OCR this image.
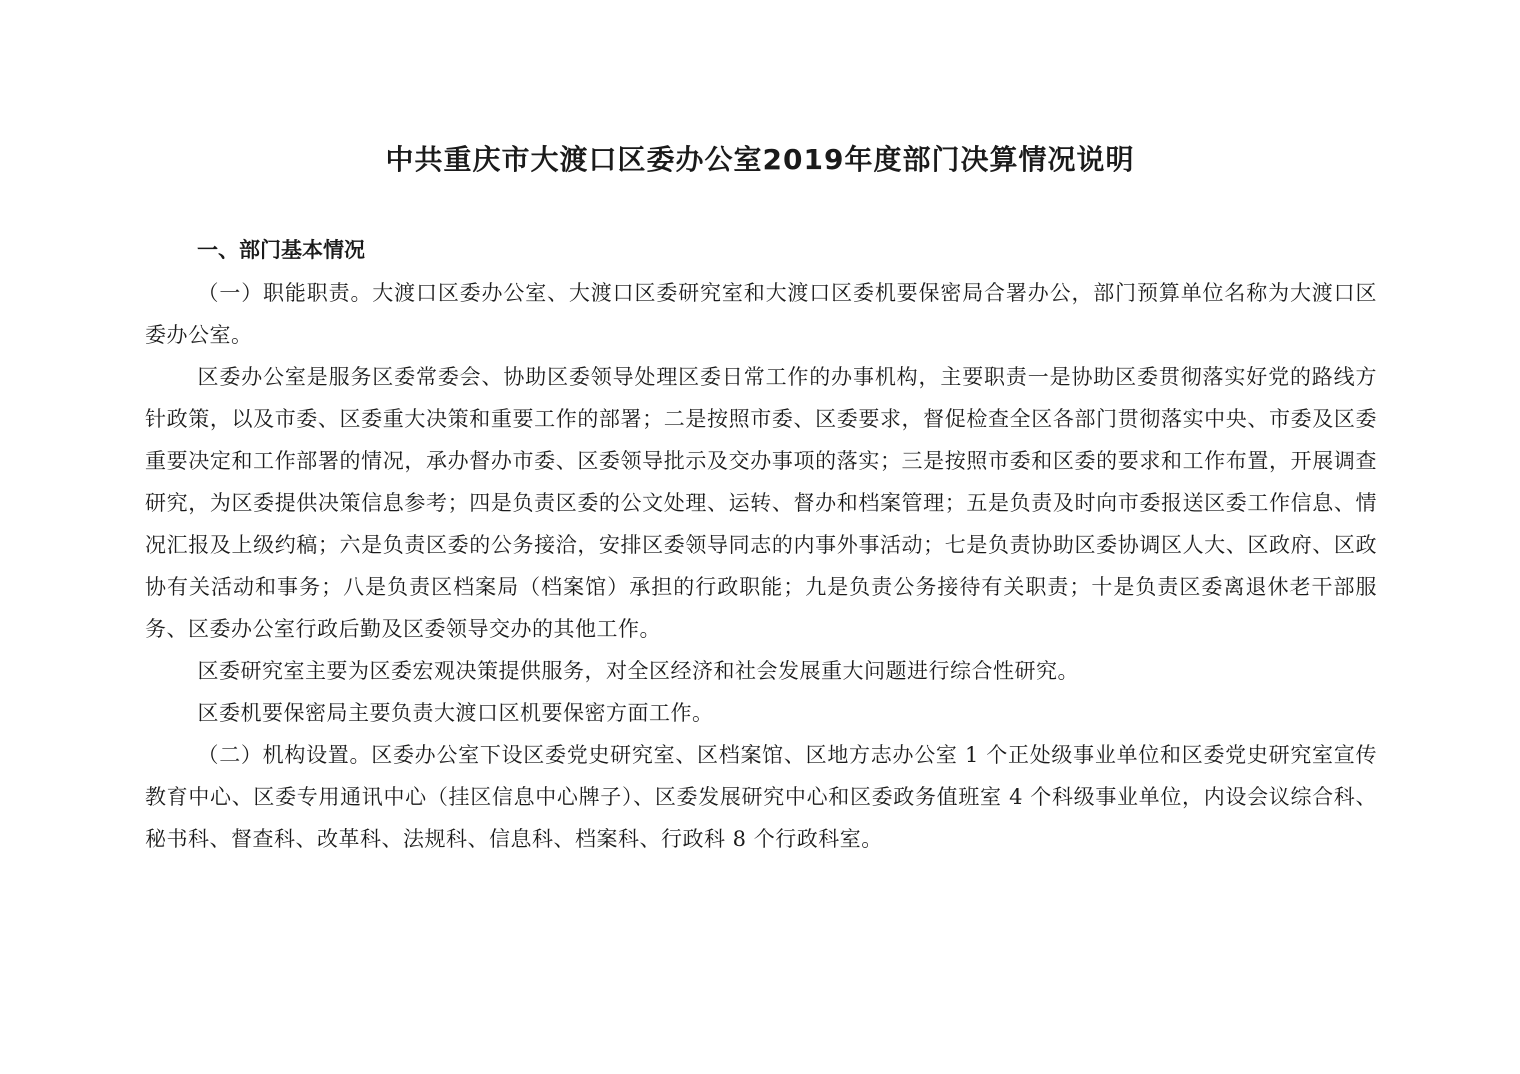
中共重庆市大渡口区委办公室2019年度部门决算情况说明
一、部门基本情况

（一）职能职责。大渡口区委办公室、大渡口区委研究室和大渡口区委机要保密局合署办公，部门预算单位名称为大渡口区委办公室。

区委办公室是服务区委常委会、协助区委领导处理区委日常工作的办事机构，主要职责一是协助区委贯彻落实好党的路线方针政策，以及市委、区委重大决策和重要工作的部署；二是按照市委、区委要求，督促检查全区各部门贯彻落实中央、市委及区委重要决定和工作部署的情况，承办督办市委、区委领导批示及交办事项的落实；三是按照市委和区委的要求和工作布置，开展调查研究，为区委提供决策信息参考；四是负责区委的公文处理、运转、督办和档案管理；五是负责及时向市委报送区委工作信息、情况汇报及上级约稿；六是负责区委的公务接洽，安排区委领导同志的内事外事活动；七是负责协助区委协调区人大、区政府、区政协有关活动和事务；八是负责区档案局（档案馆）承担的行政职能；九是负责公务接待有关职责；十是负责区委离退休老干部服务、区委办公室行政后勤及区委领导交办的其他工作。

区委研究室主要为区委宏观决策提供服务，对全区经济和社会发展重大问题进行综合性研究。

区委机要保密局主要负责大渡口区机要保密方面工作。

（二）机构设置。区委办公室下设区委党史研究室、区档案馆、区地方志办公室 1 个正处级事业单位和区委党史研究室宣传教育中心、区委专用通讯中心（挂区信息中心牌子）、区委发展研究中心和区委政务值班室 4 个科级事业单位，内设会议综合科、秘书科、督查科、改革科、法规科、信息科、档案科、行政科 8 个行政科室。
